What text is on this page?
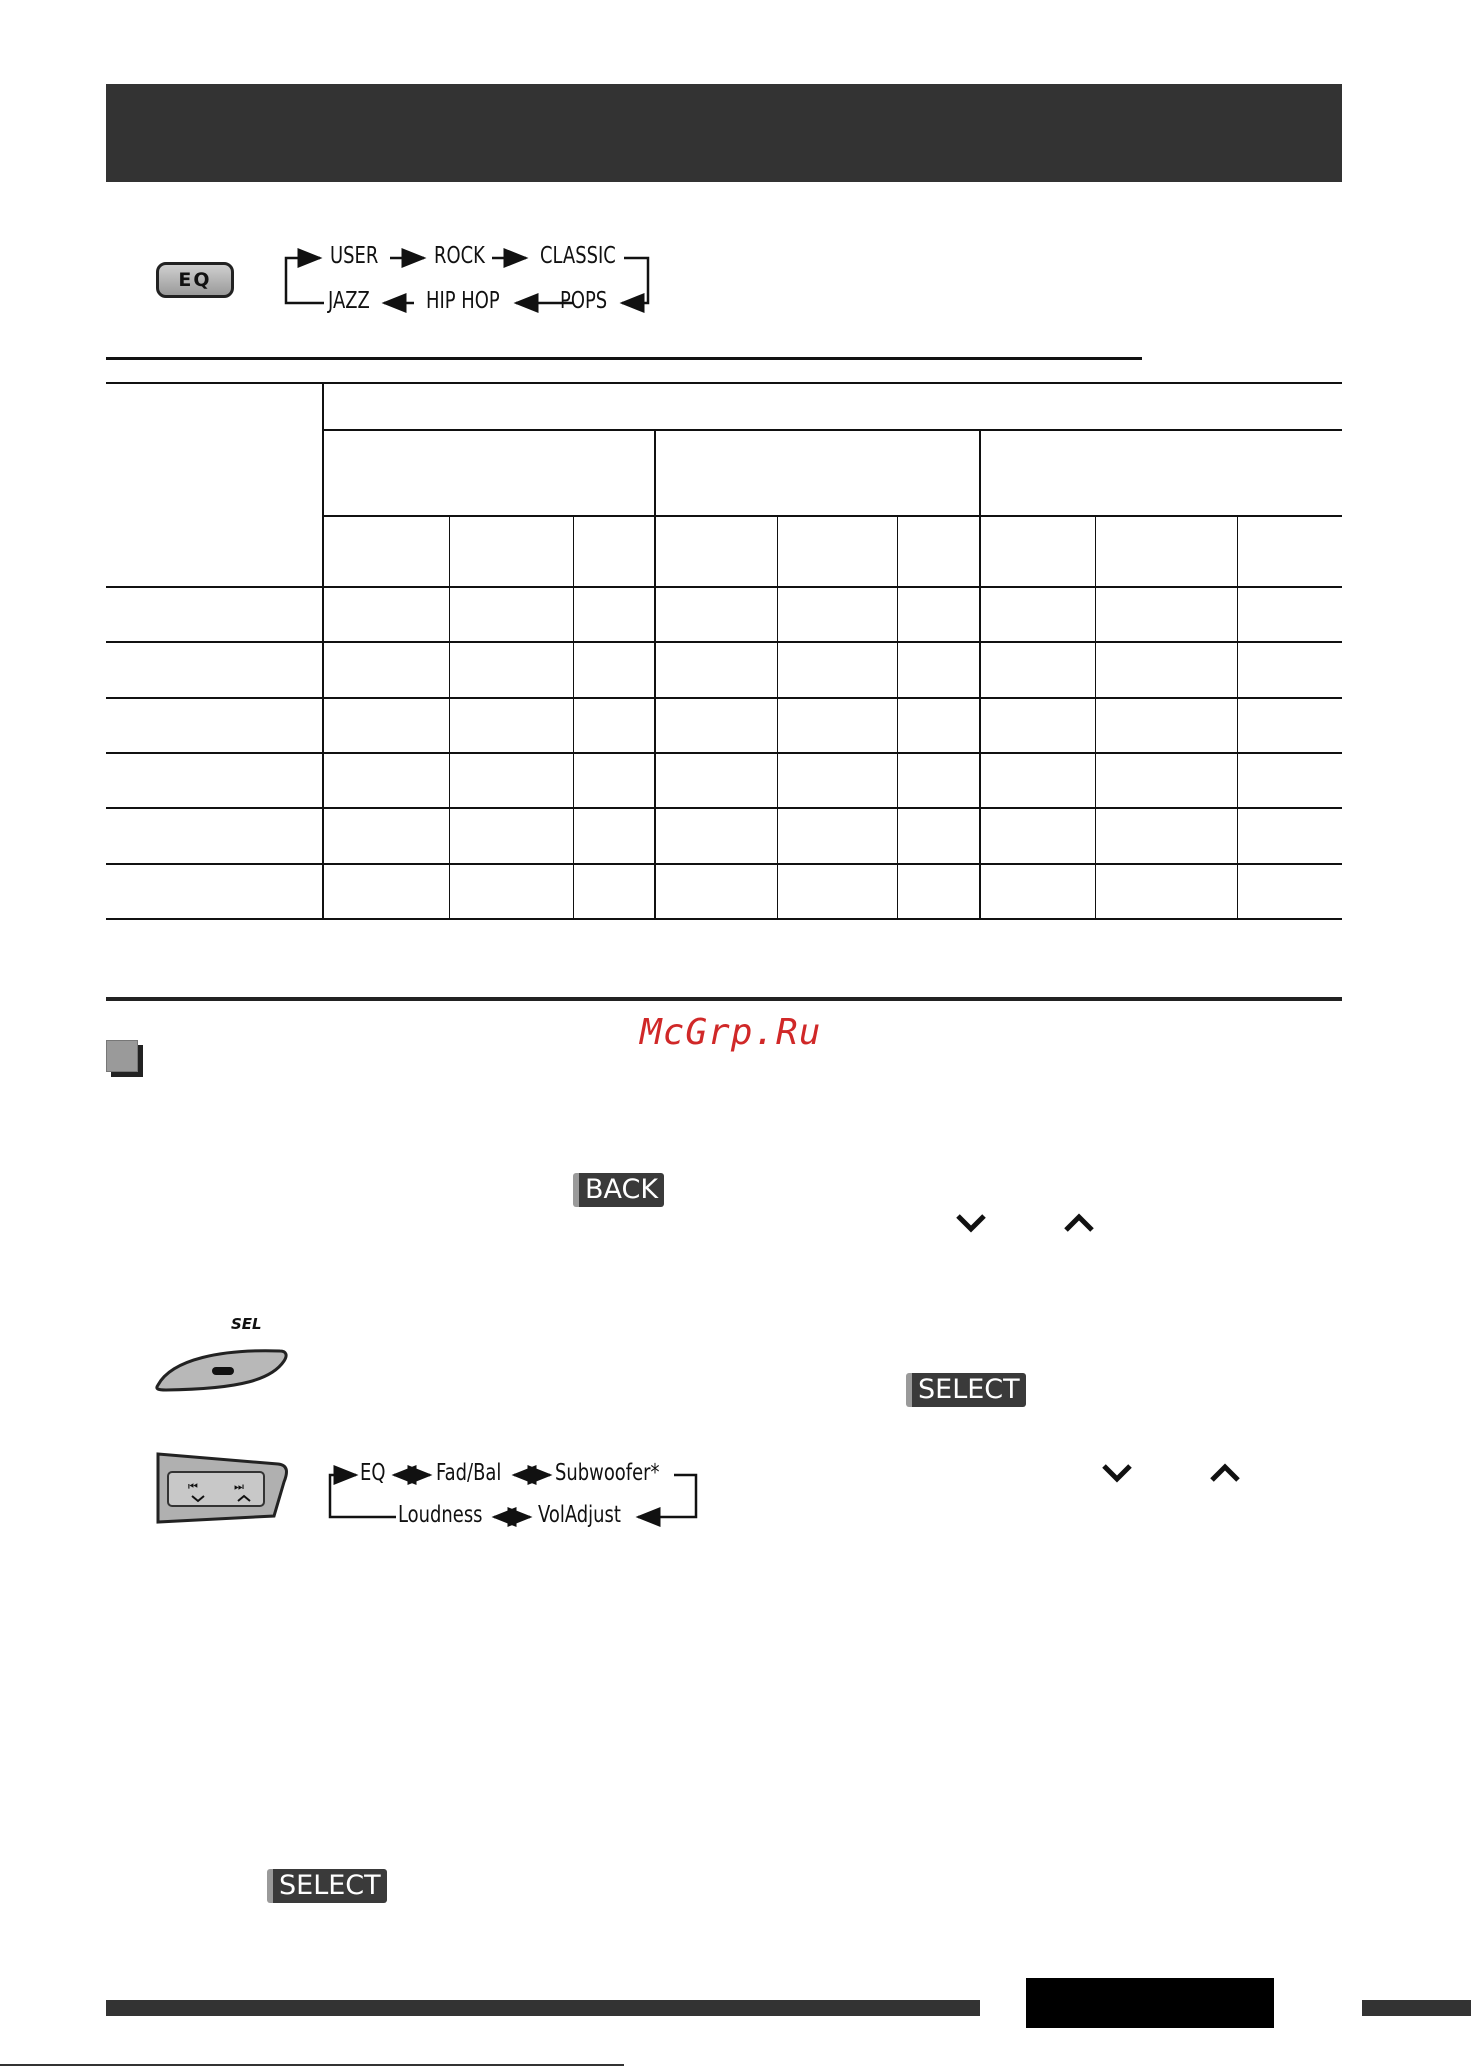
EQ
USER ROCK CLASSIC
JAZZ HIP HOP	POPS

McGrp.Ru
BACK
SEL
SELECT
⏮	⏭
EQ Fad/Bal Subwoofer*
Loudness VolAdjust
SELECT
